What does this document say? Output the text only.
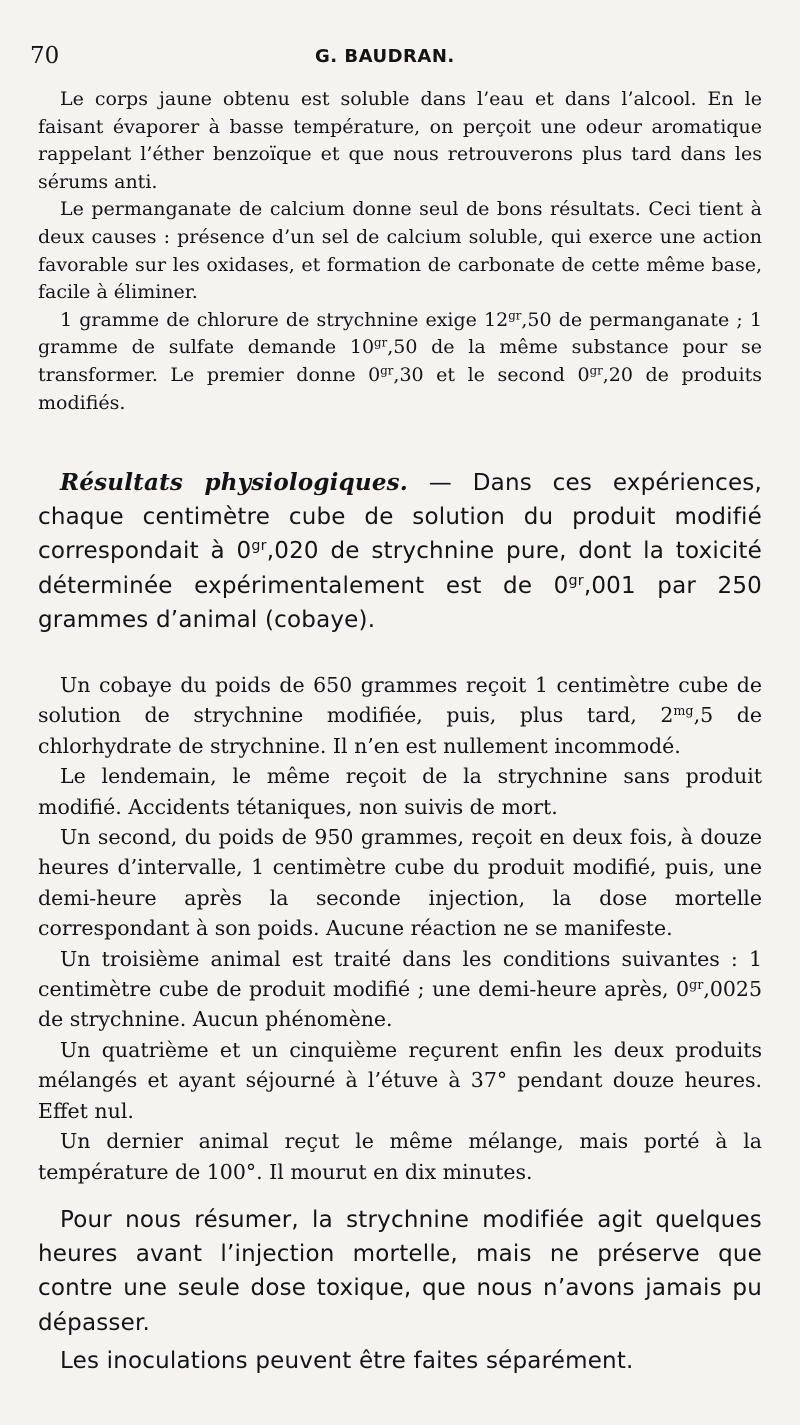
70	G. BAUDRAN.

Le corps jaune obtenu est soluble dans l’eau et dans l’alcool. En le faisant évaporer à basse température, on perçoit une odeur aromatique rappelant l’éther benzoïque et que nous retrouverons plus tard dans les sérums anti.

Le permanganate de calcium donne seul de bons résultats. Ceci tient à deux causes : présence d’un sel de calcium soluble, qui exerce une action favorable sur les oxidases, et formation de carbonate de cette même base, facile à éliminer.

1 gramme de chlorure de strychnine exige $12^{gr},50$ de permanganate ; 1 gramme de sulfate demande $10^{gr},50$ de la même substance pour se transformer. Le premier donne $0^{gr},30$ et le second $0^{gr},20$ de produits modifiés.

Résultats physiologiques. — Dans ces expériences, chaque centimètre cube de solution du produit modifié correspondait à $0^{gr},020$ de strychnine pure, dont la toxicité déterminée expérimentalement est de $0^{gr},001$ par 250 grammes d’animal (cobaye).

Un cobaye du poids de 650 grammes reçoit 1 centimètre cube de solution de strychnine modifiée, puis, plus tard, $2^{mg},5$ de chlorhydrate de strychnine. Il n’en est nullement incommodé.

Le lendemain, le même reçoit de la strychnine sans produit modifié. Accidents tétaniques, non suivis de mort.

Un second, du poids de 950 grammes, reçoit en deux fois, à douze heures d’intervalle, 1 centimètre cube du produit modifié, puis, une demi-heure après la seconde injection, la dose mortelle correspondant à son poids. Aucune réaction ne se manifeste.

Un troisième animal est traité dans les conditions suivantes : 1 centimètre cube de produit modifié ; une demi-heure après, $0^{gr},0025$ de strychnine. Aucun phénomène.

Un quatrième et un cinquième reçurent enfin les deux produits mélangés et ayant séjourné à l’étuve à 37° pendant douze heures. Effet nul.

Un dernier animal reçut le même mélange, mais porté à la température de 100°. Il mourut en dix minutes.

Pour nous résumer, la strychnine modifiée agit quelques heures avant l’injection mortelle, mais ne préserve que contre une seule dose toxique, que nous n’avons jamais pu dépasser.

Les inoculations peuvent être faites séparément.
